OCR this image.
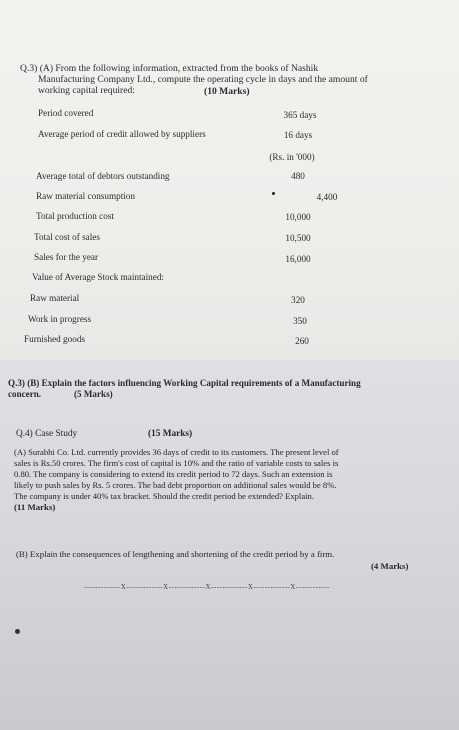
Q.3) (A) From the following information, extracted from the books of Nashik
Manufacturing Company Ltd., compute the operating cycle in days and the amount of
working capital required:	(10 Marks)
Period covered	365 days
Average period of credit allowed by suppliers	16 days
(Rs. in '000)
Average total of debtors outstanding	480
Raw material consumption	4,400
Total production cost	10,000
Total cost of sales	10,500
Sales for the year	16,000
Value of Average Stock maintained:
Raw material	320
Work in progress	350
Furnished goods	260
Q.3) (B) Explain the factors influencing Working Capital requirements of a Manufacturing
concern.	(5 Marks)
Q.4) Case Study	(15 Marks)
(A) Surabhi Co. Ltd. currently provides 36 days of credit to its customers. The present level of
sales is Rs.50 crores. The firm's cost of capital is 10% and the ratio of variable costs to sales is
0.80. The company is considering to extend its credit period to 72 days. Such an extension is
likely to push sales by Rs. 5 crores. The bad debt proportion on additional sales would be 8%.
The company is under 40% tax bracket. Should the credit period be extended? Explain.
(11 Marks)
(B) Explain the consequences of lengthening and shortening of the credit period by a firm.
(4 Marks)
-------------X-------------X-------------X-------------X-------------X------------
